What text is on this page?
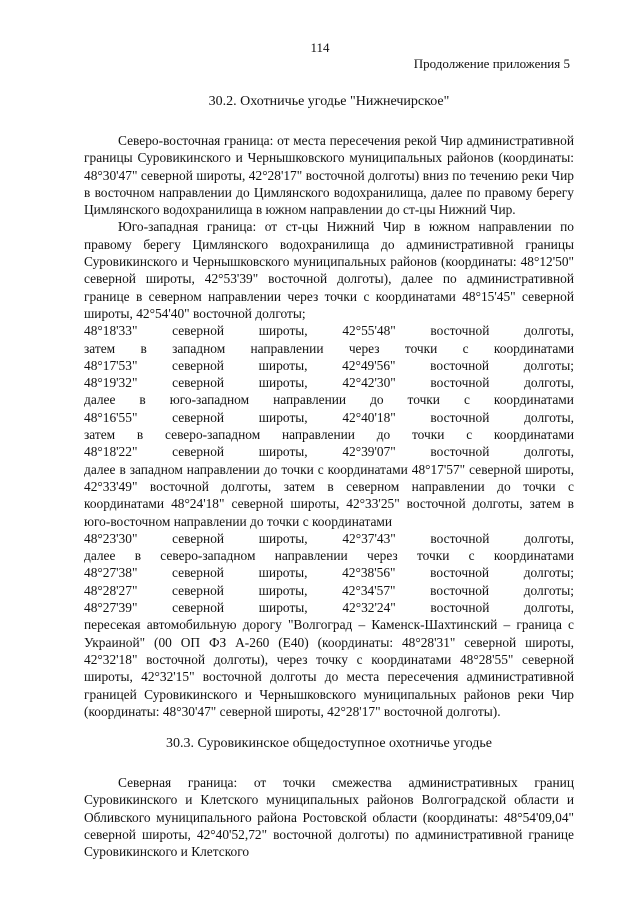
114
Продолжение приложения 5
30.2. Охотничье угодье "Нижнечирское"

Северо-восточная граница: от места пересечения рекой Чир административной границы Суровикинского и Чернышковского муниципальных районов (координаты: 48°30'47" северной широты, 42°28'17" восточной долготы) вниз по течению реки Чир в восточном направлении до Цимлянского водохранилища, далее по правому берегу Цимлянского водохранилища в южном направлении до ст-цы Нижний Чир.

Юго-западная граница: от ст-цы Нижний Чир в южном направлении по правому берегу Цимлянского водохранилища до административной границы Суровикинского и Чернышковского муниципальных районов (координаты: 48°12'50" северной широты, 42°53'39" восточной долготы), далее по административной границе в северном направлении через точки с координатами 48°15'45" северной широты, 42°54'40" восточной долготы;

48°18'33"	северной	широты,	42°55'48"	восточной	долготы,
затем в западном направлении через точки с координатами
48°17'53"	северной	широты,	42°49'56"	восточной	долготы;
48°19'32"	северной	широты,	42°42'30"	восточной	долготы,
далее в юго-западном направлении до точки с координатами
48°16'55"	северной	широты,	42°40'18"	восточной	долготы,
затем в северо-западном направлении до точки с координатами
48°18'22"	северной	широты,	42°39'07"	восточной	долготы,

далее в западном направлении до точки с координатами 48°17'57" северной широты, 42°33'49" восточной долготы, затем в северном направлении до точки с координатами 48°24'18" северной широты, 42°33'25" восточной долготы, затем в юго-восточном направлении до точки с координатами

48°23'30"	северной	широты,	42°37'43"	восточной	долготы,
далее в северо-западном направлении через точки с координатами
48°27'38"	северной	широты,	42°38'56"	восточной	долготы;
48°28'27"	северной	широты,	42°34'57"	восточной	долготы;
48°27'39"	северной	широты,	42°32'24"	восточной	долготы,

пересекая автомобильную дорогу "Волгоград – Каменск-Шахтинский – граница с Украиной" (00 ОП ФЗ А-260 (Е40) (координаты: 48°28'31" северной широты, 42°32'18" восточной долготы), через точку с координатами 48°28'55" северной широты, 42°32'15" восточной долготы до места пересечения административной границей Суровикинского и Чернышковского муниципальных районов реки Чир (координаты: 48°30'47" северной широты, 42°28'17" восточной долготы).

30.3. Суровикинское общедоступное охотничье угодье

Северная граница: от точки смежества административных границ Суровикинского и Клетского муниципальных районов Волгоградской области и Обливского муниципального района Ростовской области (координаты: 48°54'09,04" северной широты, 42°40'52,72" восточной долготы) по административной границе Суровикинского и Клетского
